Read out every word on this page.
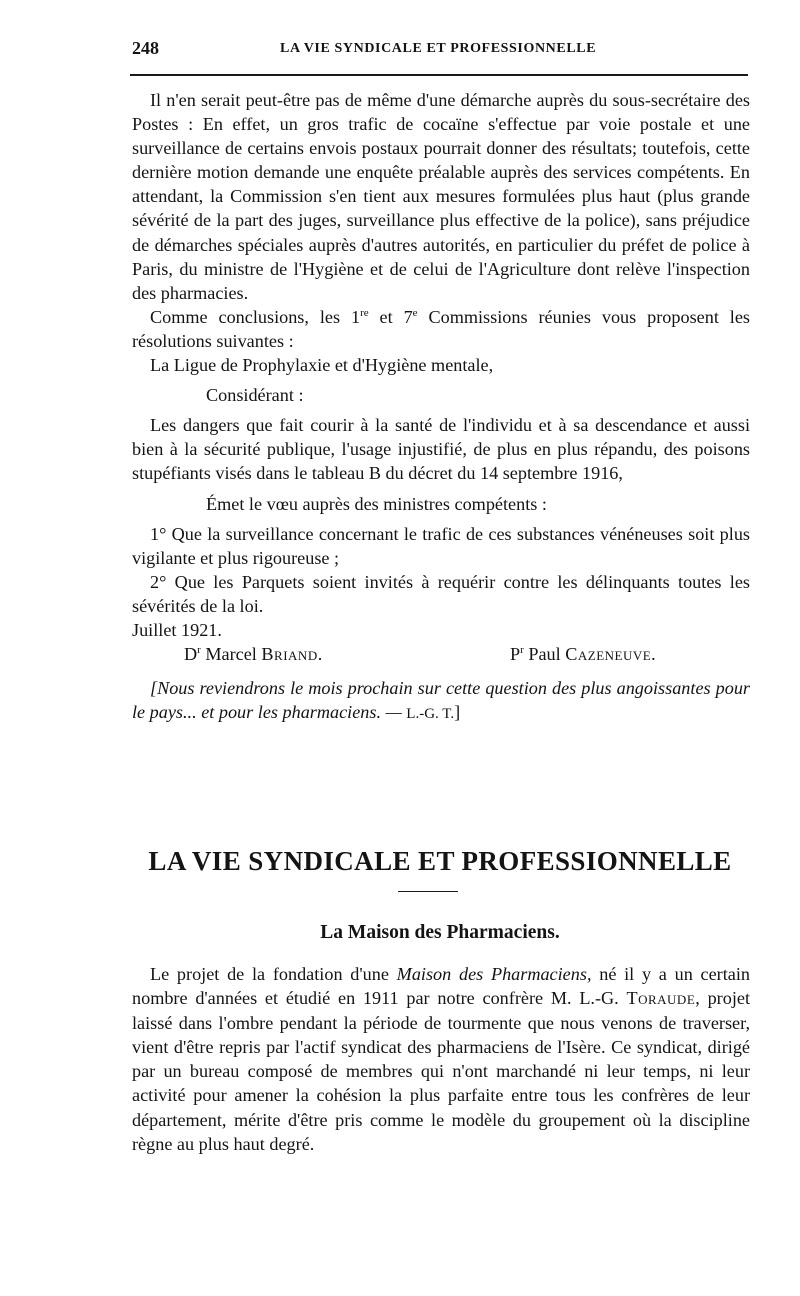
248	LA VIE SYNDICALE ET PROFESSIONNELLE

Il n'en serait peut-être pas de même d'une démarche auprès du sous-secrétaire des Postes : En effet, un gros trafic de cocaïne s'effectue par voie postale et une surveillance de certains envois postaux pourrait donner des résultats; toutefois, cette dernière motion demande une enquête préalable auprès des services compétents. En attendant, la Commission s'en tient aux mesures formulées plus haut (plus grande sévérité de la part des juges, surveillance plus effective de la police), sans préjudice de démarches spéciales auprès d'autres autorités, en particulier du préfet de police à Paris, du ministre de l'Hygiène et de celui de l'Agriculture dont relève l'inspection des pharmacies.

Comme conclusions, les 1re et 7e Commissions réunies vous proposent les résolutions suivantes :

La Ligue de Prophylaxie et d'Hygiène mentale,

Considérant :

Les dangers que fait courir à la santé de l'individu et à sa descendance et aussi bien à la sécurité publique, l'usage injustifié, de plus en plus répandu, des poisons stupéfiants visés dans le tableau B du décret du 14 septembre 1916,

Émet le vœu auprès des ministres compétents :

1° Que la surveillance concernant le trafic de ces substances vénéneuses soit plus vigilante et plus rigoureuse ;

2° Que les Parquets soient invités à requérir contre les délinquants toutes les sévérités de la loi.

Juillet 1921.

$D^r$ Marcel Briand.	$P^r$ Paul Cazeneuve.

[Nous reviendrons le mois prochain sur cette question des plus angoissantes pour le pays... et pour les pharmaciens. — L.-G. T.]

LA VIE SYNDICALE ET PROFESSIONNELLE
La Maison des Pharmaciens.

Le projet de la fondation d'une Maison des Pharmaciens, né il y a un certain nombre d'années et étudié en 1911 par notre confrère M. L.-G. Toraude, projet laissé dans l'ombre pendant la période de tourmente que nous venons de traverser, vient d'être repris par l'actif syndicat des pharmaciens de l'Isère. Ce syndicat, dirigé par un bureau composé de membres qui n'ont marchandé ni leur temps, ni leur activité pour amener la cohésion la plus parfaite entre tous les confrères de leur département, mérite d'être pris comme le modèle du groupement où la discipline règne au plus haut degré.
